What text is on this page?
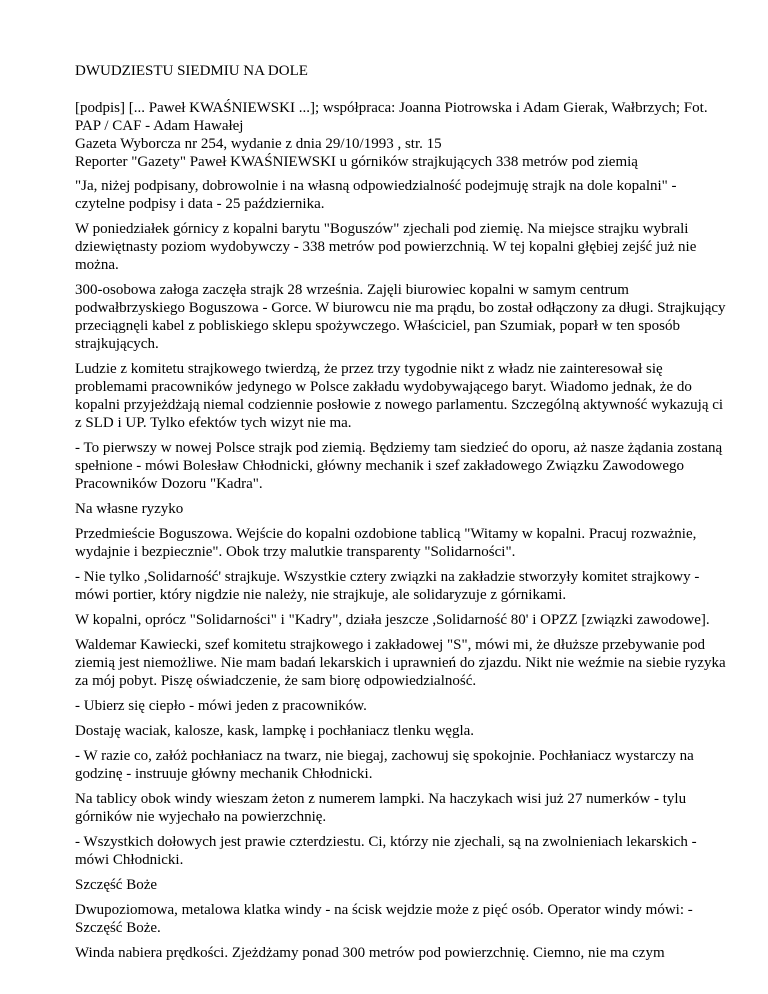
DWUDZIESTU SIEDMIU NA DOLE
[podpis] [... Paweł KWAŚNIEWSKI ...]; współpraca: Joanna Piotrowska i Adam Gierak, Wałbrzych; Fot. PAP / CAF - Adam Hawałej
Gazeta Wyborcza nr 254, wydanie z dnia 29/10/1993 , str. 15
Reporter "Gazety" Paweł KWAŚNIEWSKI u górników strajkujących 338 metrów pod ziemią

"Ja, niżej podpisany, dobrowolnie i na własną odpowiedzialność podejmuję strajk na dole kopalni" - czytelne podpisy i data - 25 października.

W poniedziałek górnicy z kopalni barytu "Boguszów" zjechali pod ziemię. Na miejsce strajku wybrali dziewiętnasty poziom wydobywczy - 338 metrów pod powierzchnią. W tej kopalni głębiej zejść już nie można.

300-osobowa załoga zaczęła strajk 28 września. Zajęli biurowiec kopalni w samym centrum podwałbrzyskiego Boguszowa - Gorce. W biurowcu nie ma prądu, bo został odłączony za długi. Strajkujący przeciągnęli kabel z pobliskiego sklepu spożywczego. Właściciel, pan Szumiak, poparł w ten sposób strajkujących.

Ludzie z komitetu strajkowego twierdzą, że przez trzy tygodnie nikt z władz nie zainteresował się problemami pracowników jedynego w Polsce zakładu wydobywającego baryt. Wiadomo jednak, że do kopalni przyjeżdżają niemal codziennie posłowie z nowego parlamentu. Szczególną aktywność wykazują ci z SLD i UP. Tylko efektów tych wizyt nie ma.

- To pierwszy w nowej Polsce strajk pod ziemią. Będziemy tam siedzieć do oporu, aż nasze żądania zostaną spełnione - mówi Bolesław Chłodnicki, główny mechanik i szef zakładowego Związku Zawodowego Pracowników Dozoru "Kadra".

Na własne ryzyko

Przedmieście Boguszowa. Wejście do kopalni ozdobione tablicą "Witamy w kopalni. Pracuj rozważnie, wydajnie i bezpiecznie". Obok trzy malutkie transparenty "Solidarności".

- Nie tylko ,Solidarność' strajkuje. Wszystkie cztery związki na zakładzie stworzyły komitet strajkowy - mówi portier, który nigdzie nie należy, nie strajkuje, ale solidaryzuje z górnikami.

W kopalni, oprócz "Solidarności" i "Kadry", działa jeszcze ,Solidarność 80' i OPZZ [związki zawodowe].

Waldemar Kawiecki, szef komitetu strajkowego i zakładowej "S", mówi mi, że dłuższe przebywanie pod ziemią jest niemożliwe. Nie mam badań lekarskich i uprawnień do zjazdu. Nikt nie weźmie na siebie ryzyka za mój pobyt. Piszę oświadczenie, że sam biorę odpowiedzialność.

- Ubierz się ciepło - mówi jeden z pracowników.

Dostaję waciak, kalosze, kask, lampkę i pochłaniacz tlenku węgla.

- W razie co, załóż pochłaniacz na twarz, nie biegaj, zachowuj się spokojnie. Pochłaniacz wystarczy na godzinę - instruuje główny mechanik Chłodnicki.

Na tablicy obok windy wieszam żeton z numerem lampki. Na haczykach wisi już 27 numerków - tylu górników nie wyjechało na powierzchnię.

- Wszystkich dołowych jest prawie czterdziestu. Ci, którzy nie zjechali, są na zwolnieniach lekarskich - mówi Chłodnicki.

Szczęść Boże

Dwupoziomowa, metalowa klatka windy - na ścisk wejdzie może z pięć osób. Operator windy mówi: - Szczęść Boże.

Winda nabiera prędkości. Zjeżdżamy ponad 300 metrów pod powierzchnię. Ciemno, nie ma czym
